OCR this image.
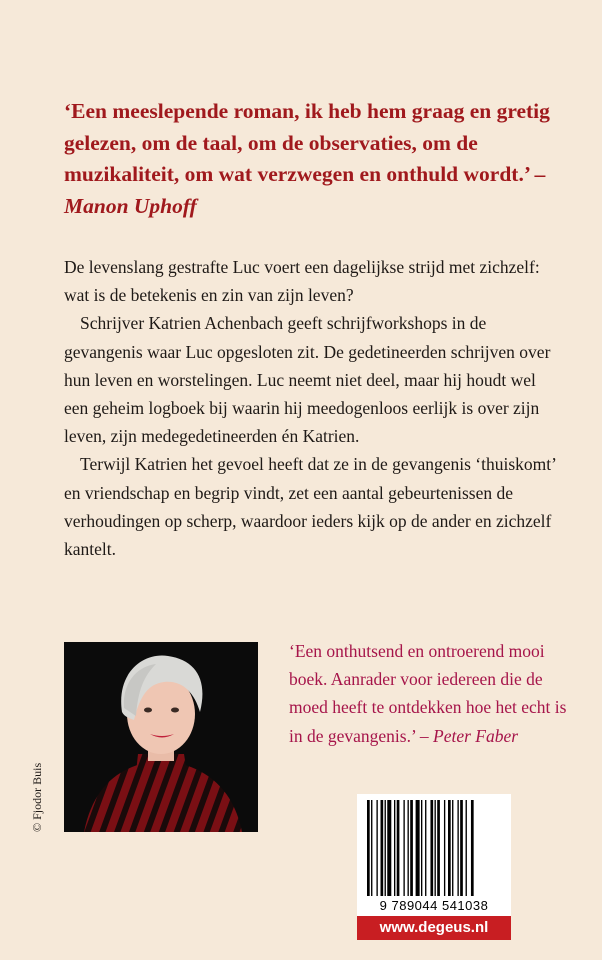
‘Een meeslepende roman, ik heb hem graag en gretig gelezen, om de taal, om de observaties, om de muzikaliteit, om wat verzwegen en onthuld wordt.’ – Manon Uphoff

De levenslang gestrafte Luc voert een dagelijkse strijd met zichzelf: wat is de betekenis en zin van zijn leven?

Schrijver Katrien Achenbach geeft schrijfworkshops in de gevangenis waar Luc opgesloten zit. De gedetineerden schrijven over hun leven en worstelingen. Luc neemt niet deel, maar hij houdt wel een geheim logboek bij waarin hij meedogenloos eerlijk is over zijn leven, zijn medegedetineerden én Katrien.

Terwijl Katrien het gevoel heeft dat ze in de gevangenis ‘thuiskomt’ en vriendschap en begrip vindt, zet een aantal gebeurtenissen de verhoudingen op scherp, waardoor ieders kijk op de ander en zichzelf kantelt.

© Fjodor Buis

‘Een onthutsend en ontroerend mooi boek. Aanrader voor iedereen die de moed heeft te ontdekken hoe het echt is in de gevangenis.’ – Peter Faber

9 789044 541038
www.degeus.nl
